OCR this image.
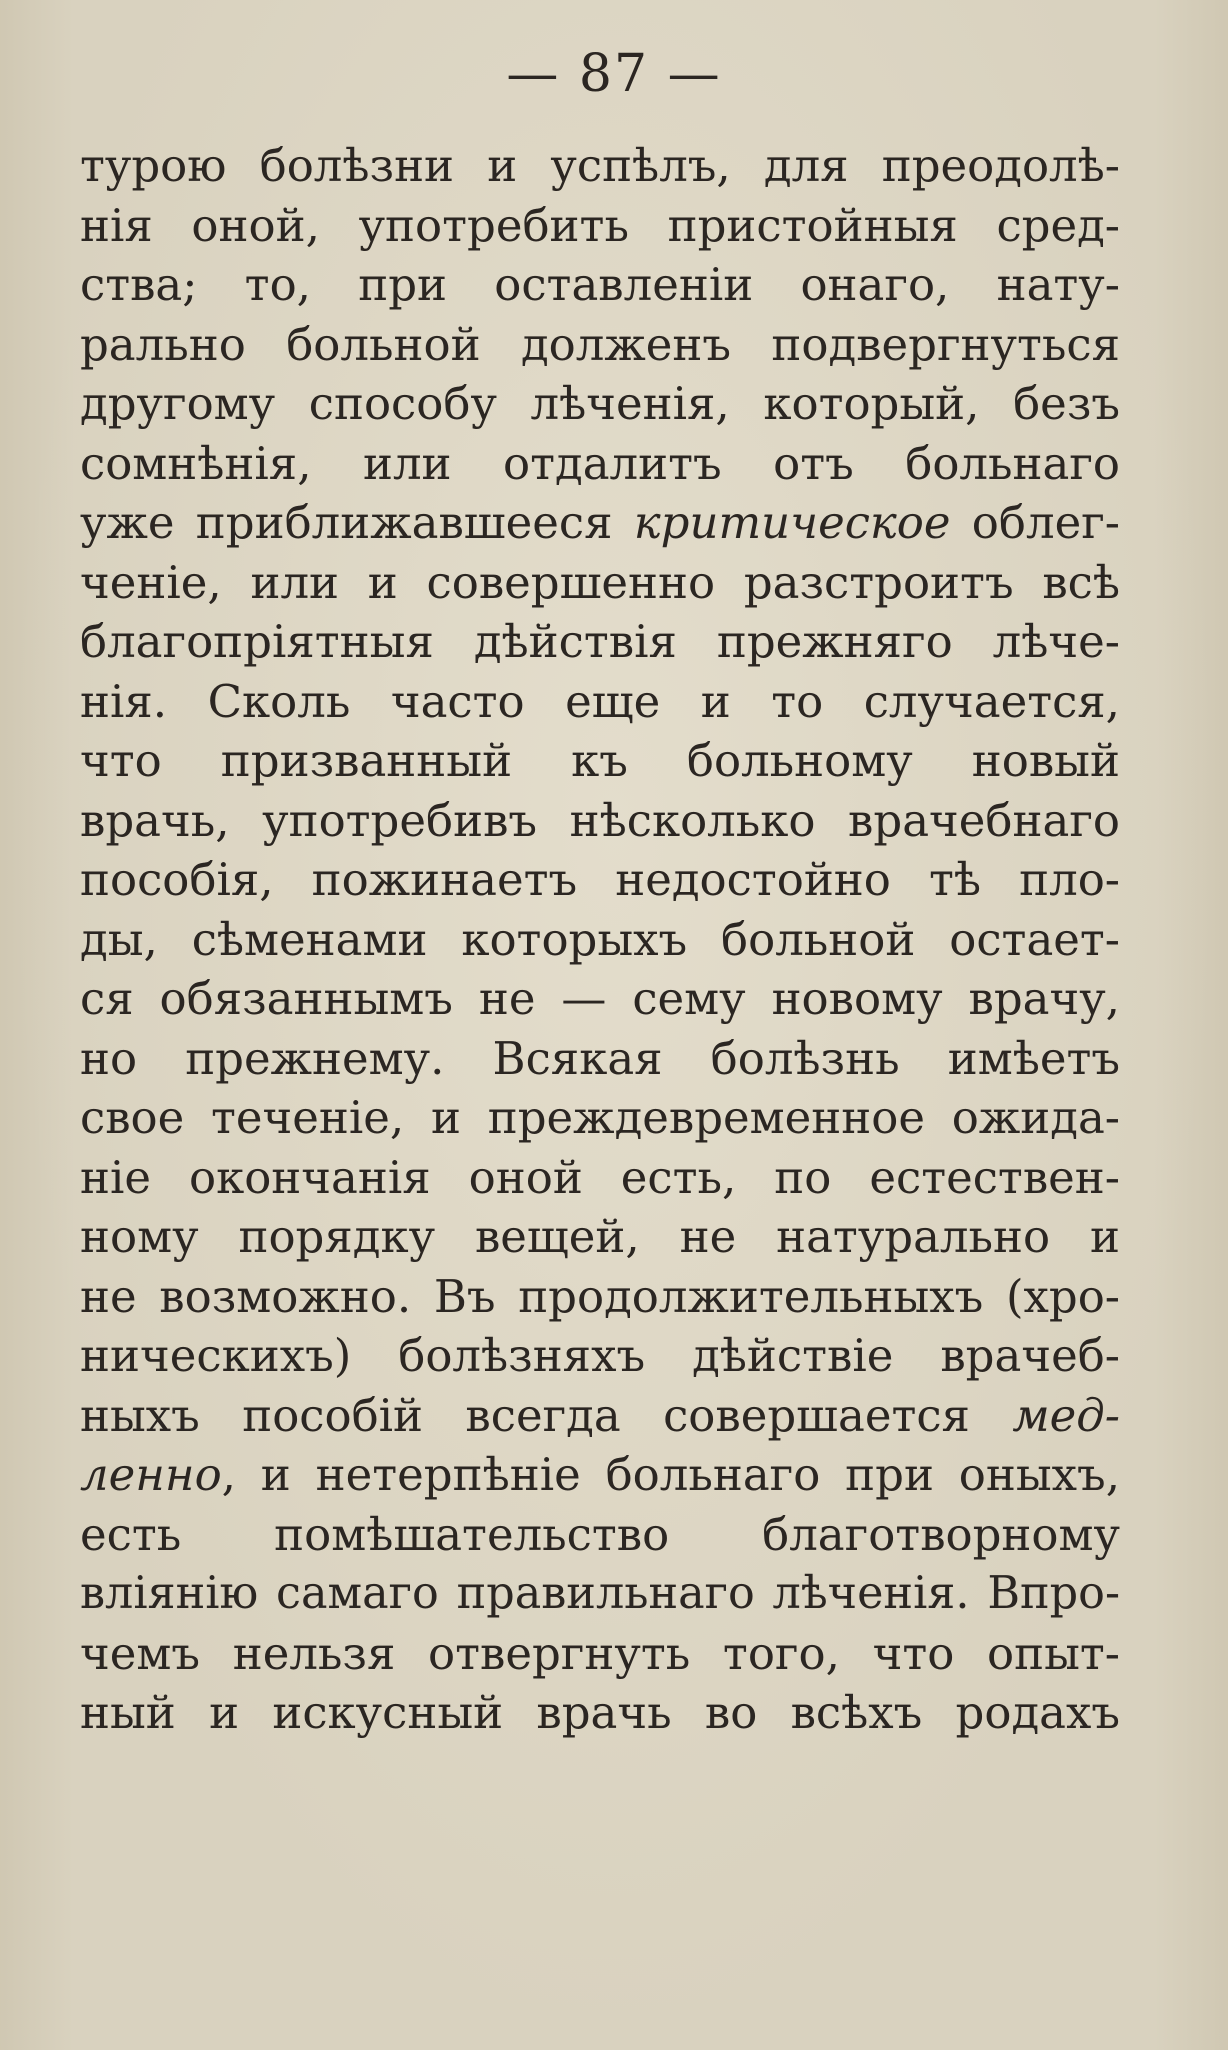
— 87 —
турою болѣзни и успѣлъ, для преодолѣ-
нія оной, употребить пристойныя сред-
ства; то, при оставленіи онаго, нату-
рально больной долженъ подвергнуться
другому способу лѣченія, который, безъ
сомнѣнія, или отдалитъ отъ больнаго
уже приближавшееся критическое облег-
ченіе, или и совершенно разстроитъ всѣ
благопріятныя дѣйствія прежняго лѣче-
нія. Сколь часто еще и то случается,
что призванный къ больному новый
врачь, употребивъ нѣсколько врачебнаго
пособія, пожинаетъ недостойно тѣ пло-
ды, сѣменами которыхъ больной остает-
ся обязаннымъ не — сему новому врачу,
но прежнему. Всякая болѣзнь имѣетъ
свое теченіе, и преждевременное ожида-
ніе окончанія оной есть, по естествен-
ному порядку вещей, не натурально и
не возможно. Въ продолжительныхъ (хро-
ническихъ) болѣзняхъ дѣйствіе врачеб-
ныхъ пособій всегда совершается мед-
ленно, и нетерпѣніе больнаго при оныхъ,
есть помѣшательство благотворному
вліянію самаго правильнаго лѣченія. Впро-
чемъ нельзя отвергнуть того, что опыт-
ный и искусный врачь во всѣхъ родахъ
